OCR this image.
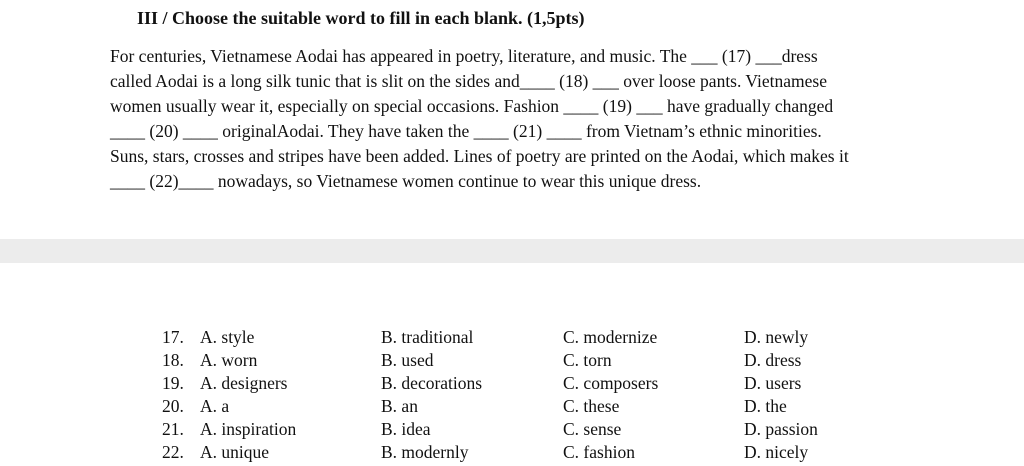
III / Choose the suitable word to fill in each blank. (1,5pts)
For centuries, Vietnamese Aodai has appeared in poetry, literature, and music. The ___ (17) ___dress
called Aodai is a long silk tunic that is slit on the sides and____ (18) ___ over loose pants. Vietnamese
women usually wear it, especially on special occasions. Fashion ____ (19) ___ have gradually changed
____ (20) ____ originalAodai. They have taken the ____ (21) ____ from Vietnam’s ethnic minorities.
Suns, stars, crosses and stripes have been added. Lines of poetry are printed on the Aodai, which makes it
____ (22)____ nowadays, so Vietnamese women continue to wear this unique dress.
17. A. style	B. traditional	C. modernize	D. newly
18. A. worn	B. used	C. torn	D. dress
19. A. designers	B. decorations	C. composers	D. users
20. A. a	B. an	C. these	D. the
21. A. inspiration	B. idea	C. sense	D. passion
22. A. unique	B. modernly	C. fashion	D. nicely
